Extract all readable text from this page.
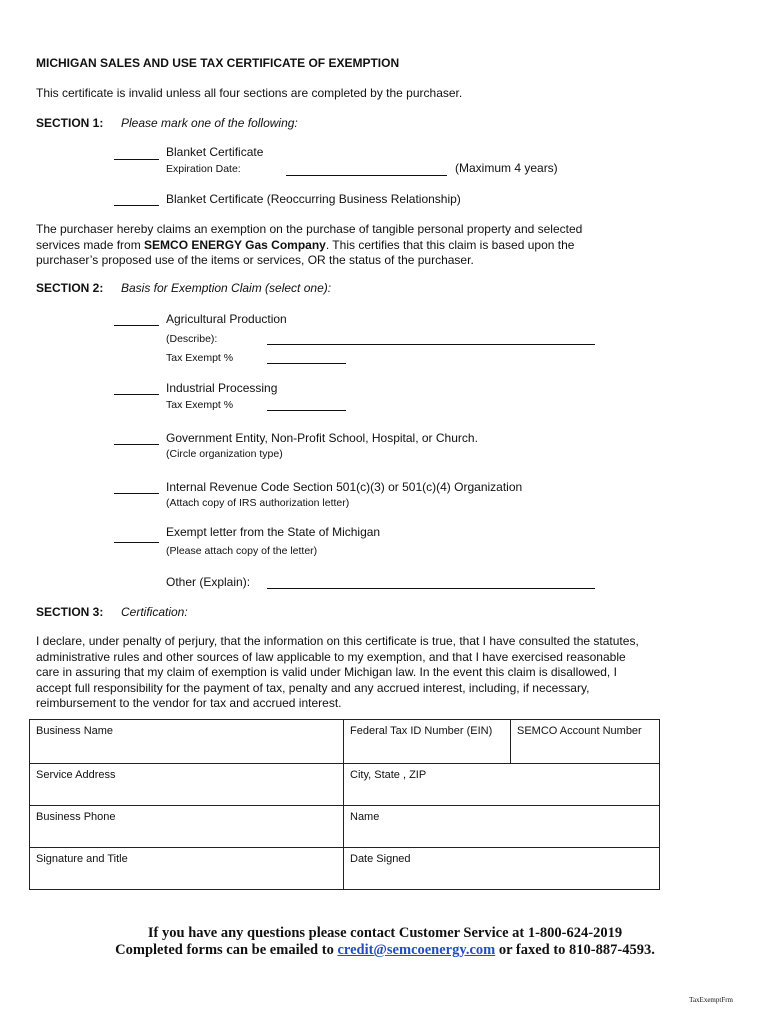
MICHIGAN SALES AND USE TAX CERTIFICATE OF EXEMPTION
This certificate is invalid unless all four sections are completed by the purchaser.
SECTION 1: Please mark one of the following:
Blanket Certificate
Expiration Date:	(Maximum 4 years)
Blanket Certificate (Reoccurring Business Relationship)
The purchaser hereby claims an exemption on the purchase of tangible personal property and selected services made from SEMCO ENERGY Gas Company. This certifies that this claim is based upon the purchaser’s proposed use of the items or services, OR the status of the purchaser.
SECTION 2: Basis for Exemption Claim (select one):
Agricultural Production
(Describe):
Tax Exempt %
Industrial Processing
Tax Exempt %
Government Entity, Non-Profit School, Hospital, or Church.
(Circle organization type)
Internal Revenue Code Section 501(c)(3) or 501(c)(4) Organization
(Attach copy of IRS authorization letter)
Exempt letter from the State of Michigan
(Please attach copy of the letter)
Other (Explain):
SECTION 3: Certification:
I declare, under penalty of perjury, that the information on this certificate is true, that I have consulted the statutes, administrative rules and other sources of law applicable to my exemption, and that I have exercised reasonable care in assuring that my claim of exemption is valid under Michigan law. In the event this claim is disallowed, I accept full responsibility for the payment of tax, penalty and any accrued interest, including, if necessary, reimbursement to the vendor for tax and accrued interest.
Business Name	Federal Tax ID Number (EIN)	SEMCO Account Number
Service Address	City, State , ZIP	
Business Phone	Name	
Signature and Title	Date Signed	
If you have any questions please contact Customer Service at 1-800-624-2019
Completed forms can be emailed to credit@semcoenergy.com or faxed to 810-887-4593.
TaxExemptFrm
